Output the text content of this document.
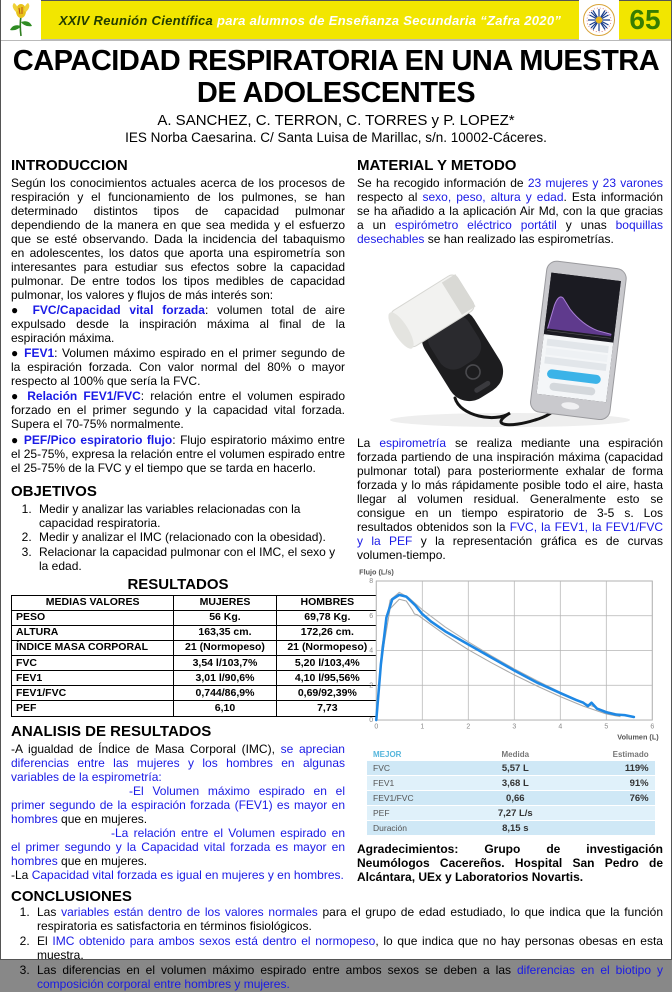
XXIV Reunión Científica para alumnos de Enseñanza Secundaria “Zafra 2020”	65
CAPACIDAD RESPIRATORIA EN UNA MUESTRA DE ADOLESCENTES
A. SANCHEZ, C. TERRON, C. TORRES y P. LOPEZ*
IES Norba Caesarina. C/ Santa Luisa de Marillac, s/n. 10002-Cáceres.
INTRODUCCION

Según los conocimientos actuales acerca de los procesos de respiración y el funcionamiento de los pulmones, se han determinado distintos tipos de capacidad pulmonar dependiendo de la manera en que sea medida y el esfuerzo que se esté observando. Dada la incidencia del tabaquismo en adolescentes, los datos que aporta una espirometría son interesantes para estudiar sus efectos sobre la capacidad pulmonar. De entre todos los tipos medibles de capacidad pulmonar, los valores y flujos de más interés son:

● FVC/Capacidad vital forzada: volumen total de aire expulsado desde la inspiración máxima al final de la espiración máxima.

● FEV1: Volumen máximo espirado en el primer segundo de la espiración forzada. Con valor normal del 80% o mayor respecto al 100% que sería la FVC.

● Relación FEV1/FVC: relación entre el volumen espirado forzado en el primer segundo y la capacidad vital forzada. Supera el 70-75% normalmente.

● PEF/Pico espiratorio flujo: Flujo espiratorio máximo entre el 25-75%, expresa la relación entre el volumen espirado entre el 25-75% de la FVC y el tiempo que se tarda en hacerlo.

OBJETIVOS
1. Medir y analizar las variables relacionadas con la capacidad respiratoria.
2. Medir y analizar el IMC (relacionado con la obesidad).
3. Relacionar la capacidad pulmonar con el IMC, el sexo y la edad.
RESULTADOS
MEDIAS VALORES	MUJERES	HOMBRES
PESO	56 Kg.	69,78 Kg.
ALTURA	163,35 cm.	172,26 cm.
ÍNDICE MASA CORPORAL	21 (Normopeso)	21 (Normopeso)
FVC	3,54 l/103,7%	5,20 l/103,4%
FEV1	3,01 l/90,6%	4,10 l/95,56%
FEV1/FVC	0,744/86,9%	0,69/92,39%
PEF	6,10	7,73
ANALISIS DE RESULTADOS

-A igualdad de Índice de Masa Corporal (IMC), se aprecian diferencias entre las mujeres y los hombres en algunas variables de la espirometría:

-El Volumen máximo espirado en el primer segundo de la espiración forzada (FEV1) es mayor en hombres que en mujeres.

-La relación entre el Volumen espirado en el primer segundo y la Capacidad vital forzada es mayor en hombres que en mujeres.

-La Capacidad vital forzada es igual en mujeres y en hombres.

MATERIAL Y METODO

Se ha recogido información de 23 mujeres y 23 varones respecto al sexo, peso, altura y edad. Esta información se ha añadido a la aplicación Air Md, con la que gracias a un espirómetro eléctrico portátil y unas boquillas desechables se han realizado las espirometrías.

La espirometría se realiza mediante una espiración forzada partiendo de una inspiración máxima (capacidad pulmonar total) para posteriormente exhalar de forma forzada y lo más rápidamente posible todo el aire, hasta llegar al volumen residual. Generalmente esto se consigue en un tiempo espiratorio de 3-5 s. Los resultados obtenidos son la FVC, la FEV1, la FEV1/FVC y la PEF y la representación gráfica es de curvas volumen-tiempo.

0	1	2	3	4	5	6
0
2
4
6
8
Flujo (L/s)
Volumen (L)
MEJOR	Medida	Estimado
FVC	5,57 L	119%
FEV1	3,68 L	91%
FEV1/FVC	0,66	76%
PEF	7,27 L/s	
Duración	8,15 s	

Agradecimientos: Grupo de investigación Neumólogos Cacereños. Hospital San Pedro de Alcántara, UEx y Laboratorios Novartis.

CONCLUSIONES
1. Las variables están dentro de los valores normales para el grupo de edad estudiado, lo que indica que la función respiratoria es satisfactoria en términos fisiológicos.
2. El IMC obtenido para ambos sexos está dentro el normopeso, lo que indica que no hay personas obesas en esta muestra.
3. Las diferencias en el volumen máximo espirado entre ambos sexos se deben a las diferencias en el biotipo y composición corporal entre hombres y mujeres.
